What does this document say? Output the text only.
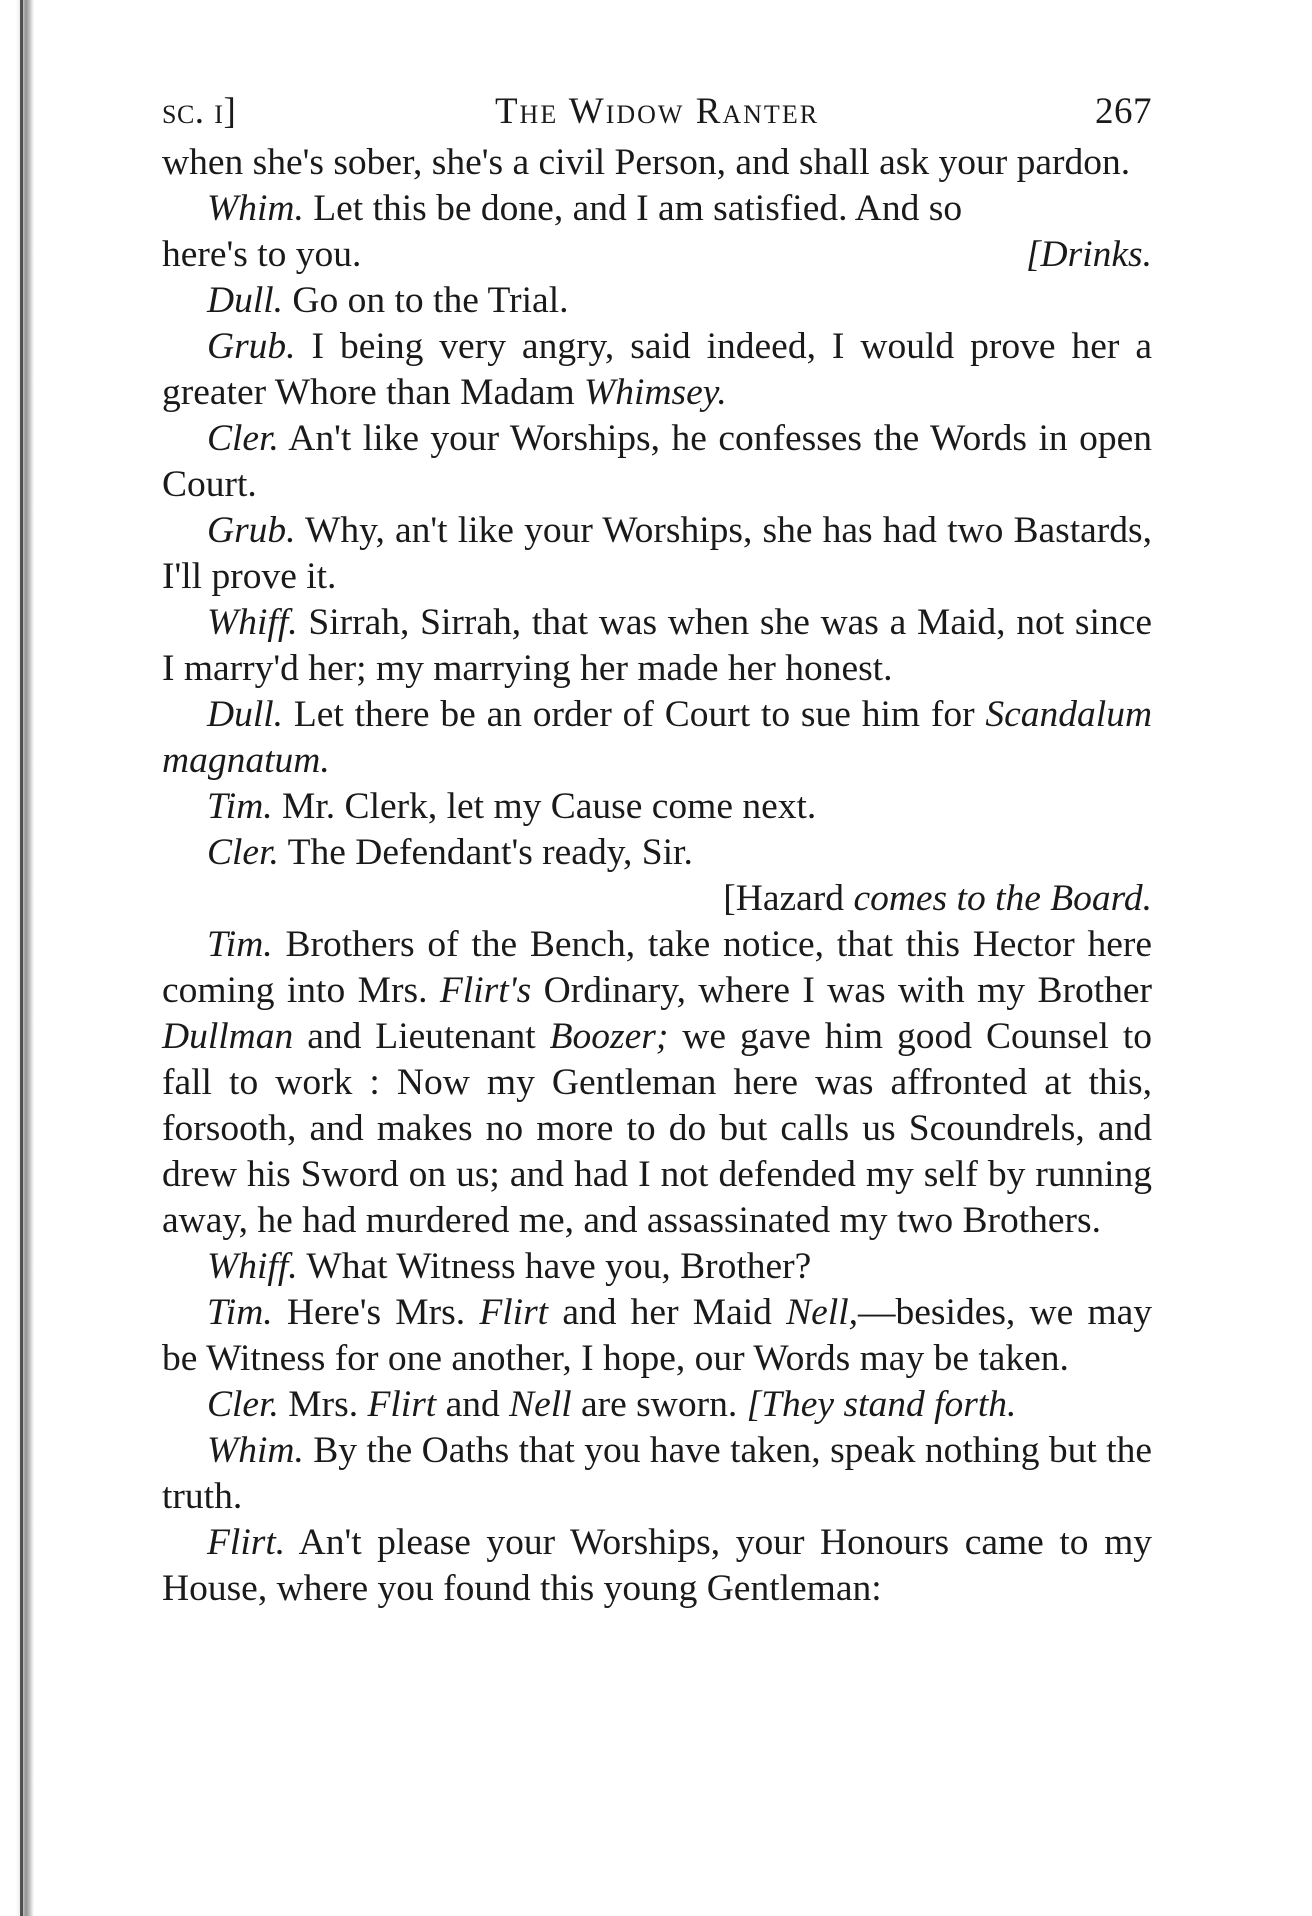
sc. i]	The Widow Ranter	267

when she's sober, she's a civil Person, and shall ask your pardon.

Whim. Let this be done, and I am satisfied. And so

here's to you.	[Drinks.

Dull. Go on to the Trial.

Grub. I being very angry, said indeed, I would prove her a greater Whore than Madam Whimsey.

Cler. An't like your Worships, he confesses the Words in open Court.

Grub. Why, an't like your Worships, she has had two Bastards, I'll prove it.

Whiff. Sirrah, Sirrah, that was when she was a Maid, not since I marry'd her; my marrying her made her honest.

Dull. Let there be an order of Court to sue him for Scandalum magnatum.

Tim. Mr. Clerk, let my Cause come next.

Cler. The Defendant's ready, Sir.

[Hazard comes to the Board.

Tim. Brothers of the Bench, take notice, that this Hector here coming into Mrs. Flirt's Ordinary, where I was with my Brother Dullman and Lieutenant Boozer; we gave him good Counsel to fall to work : Now my Gentleman here was affronted at this, forsooth, and makes no more to do but calls us Scoundrels, and drew his Sword on us; and had I not defended my self by running away, he had murdered me, and assassinated my two Brothers.

Whiff. What Witness have you, Brother?

Tim. Here's Mrs. Flirt and her Maid Nell,—besides, we may be Witness for one another, I hope, our Words may be taken.

Cler. Mrs. Flirt and Nell are sworn. [They stand forth.

Whim. By the Oaths that you have taken, speak nothing but the truth.

Flirt. An't please your Worships, your Honours came to my House, where you found this young Gentleman:
